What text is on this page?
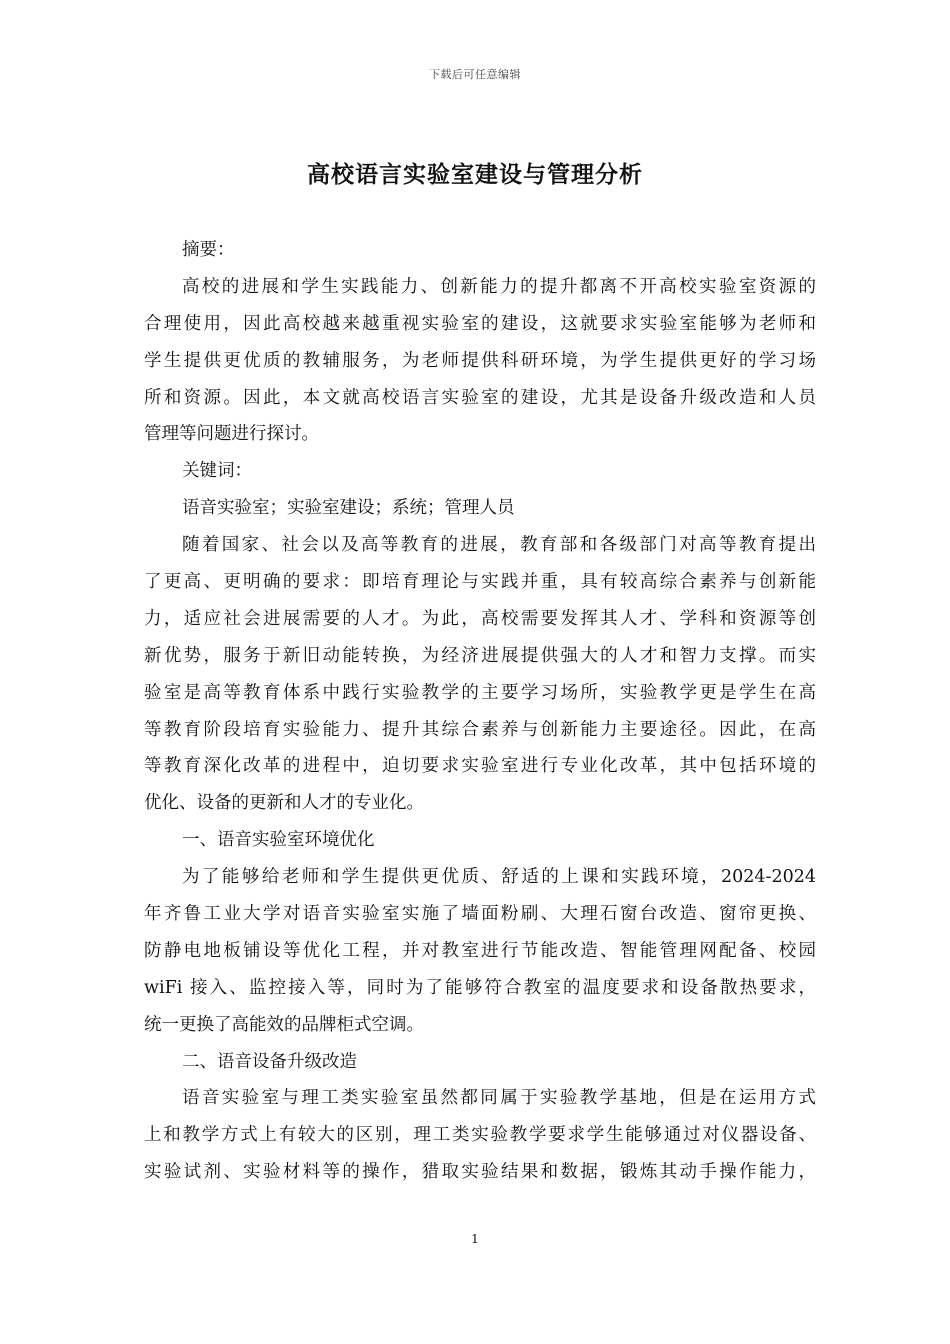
下载后可任意编辑
高校语言实验室建设与管理分析
摘要：
高校的进展和学生实践能力、创新能力的提升都离不开高校实验室资源的
合理使用，因此高校越来越重视实验室的建设，这就要求实验室能够为老师和
学生提供更优质的教辅服务，为老师提供科研环境，为学生提供更好的学习场
所和资源。因此，本文就高校语言实验室的建设，尤其是设备升级改造和人员
管理等问题进行探讨。
关键词：
语音实验室；实验室建设；系统；管理人员
随着国家、社会以及高等教育的进展，教育部和各级部门对高等教育提出
了更高、更明确的要求：即培育理论与实践并重，具有较高综合素养与创新能
力，适应社会进展需要的人才。为此，高校需要发挥其人才、学科和资源等创
新优势，服务于新旧动能转换，为经济进展提供强大的人才和智力支撑。而实
验室是高等教育体系中践行实验教学的主要学习场所，实验教学更是学生在高
等教育阶段培育实验能力、提升其综合素养与创新能力主要途径。因此，在高
等教育深化改革的进程中，迫切要求实验室进行专业化改革，其中包括环境的
优化、设备的更新和人才的专业化。
一、语音实验室环境优化
为了能够给老师和学生提供更优质、舒适的上课和实践环境，2024-2024
年齐鲁工业大学对语音实验室实施了墙面粉刷、大理石窗台改造、窗帘更换、
防静电地板铺设等优化工程，并对教室进行节能改造、智能管理网配备、校园
wiFi 接入、监控接入等，同时为了能够符合教室的温度要求和设备散热要求，
统一更换了高能效的品牌柜式空调。
二、语音设备升级改造
语音实验室与理工类实验室虽然都同属于实验教学基地，但是在运用方式
上和教学方式上有较大的区别，理工类实验教学要求学生能够通过对仪器设备、
实验试剂、实验材料等的操作，猎取实验结果和数据，锻炼其动手操作能力，
1
